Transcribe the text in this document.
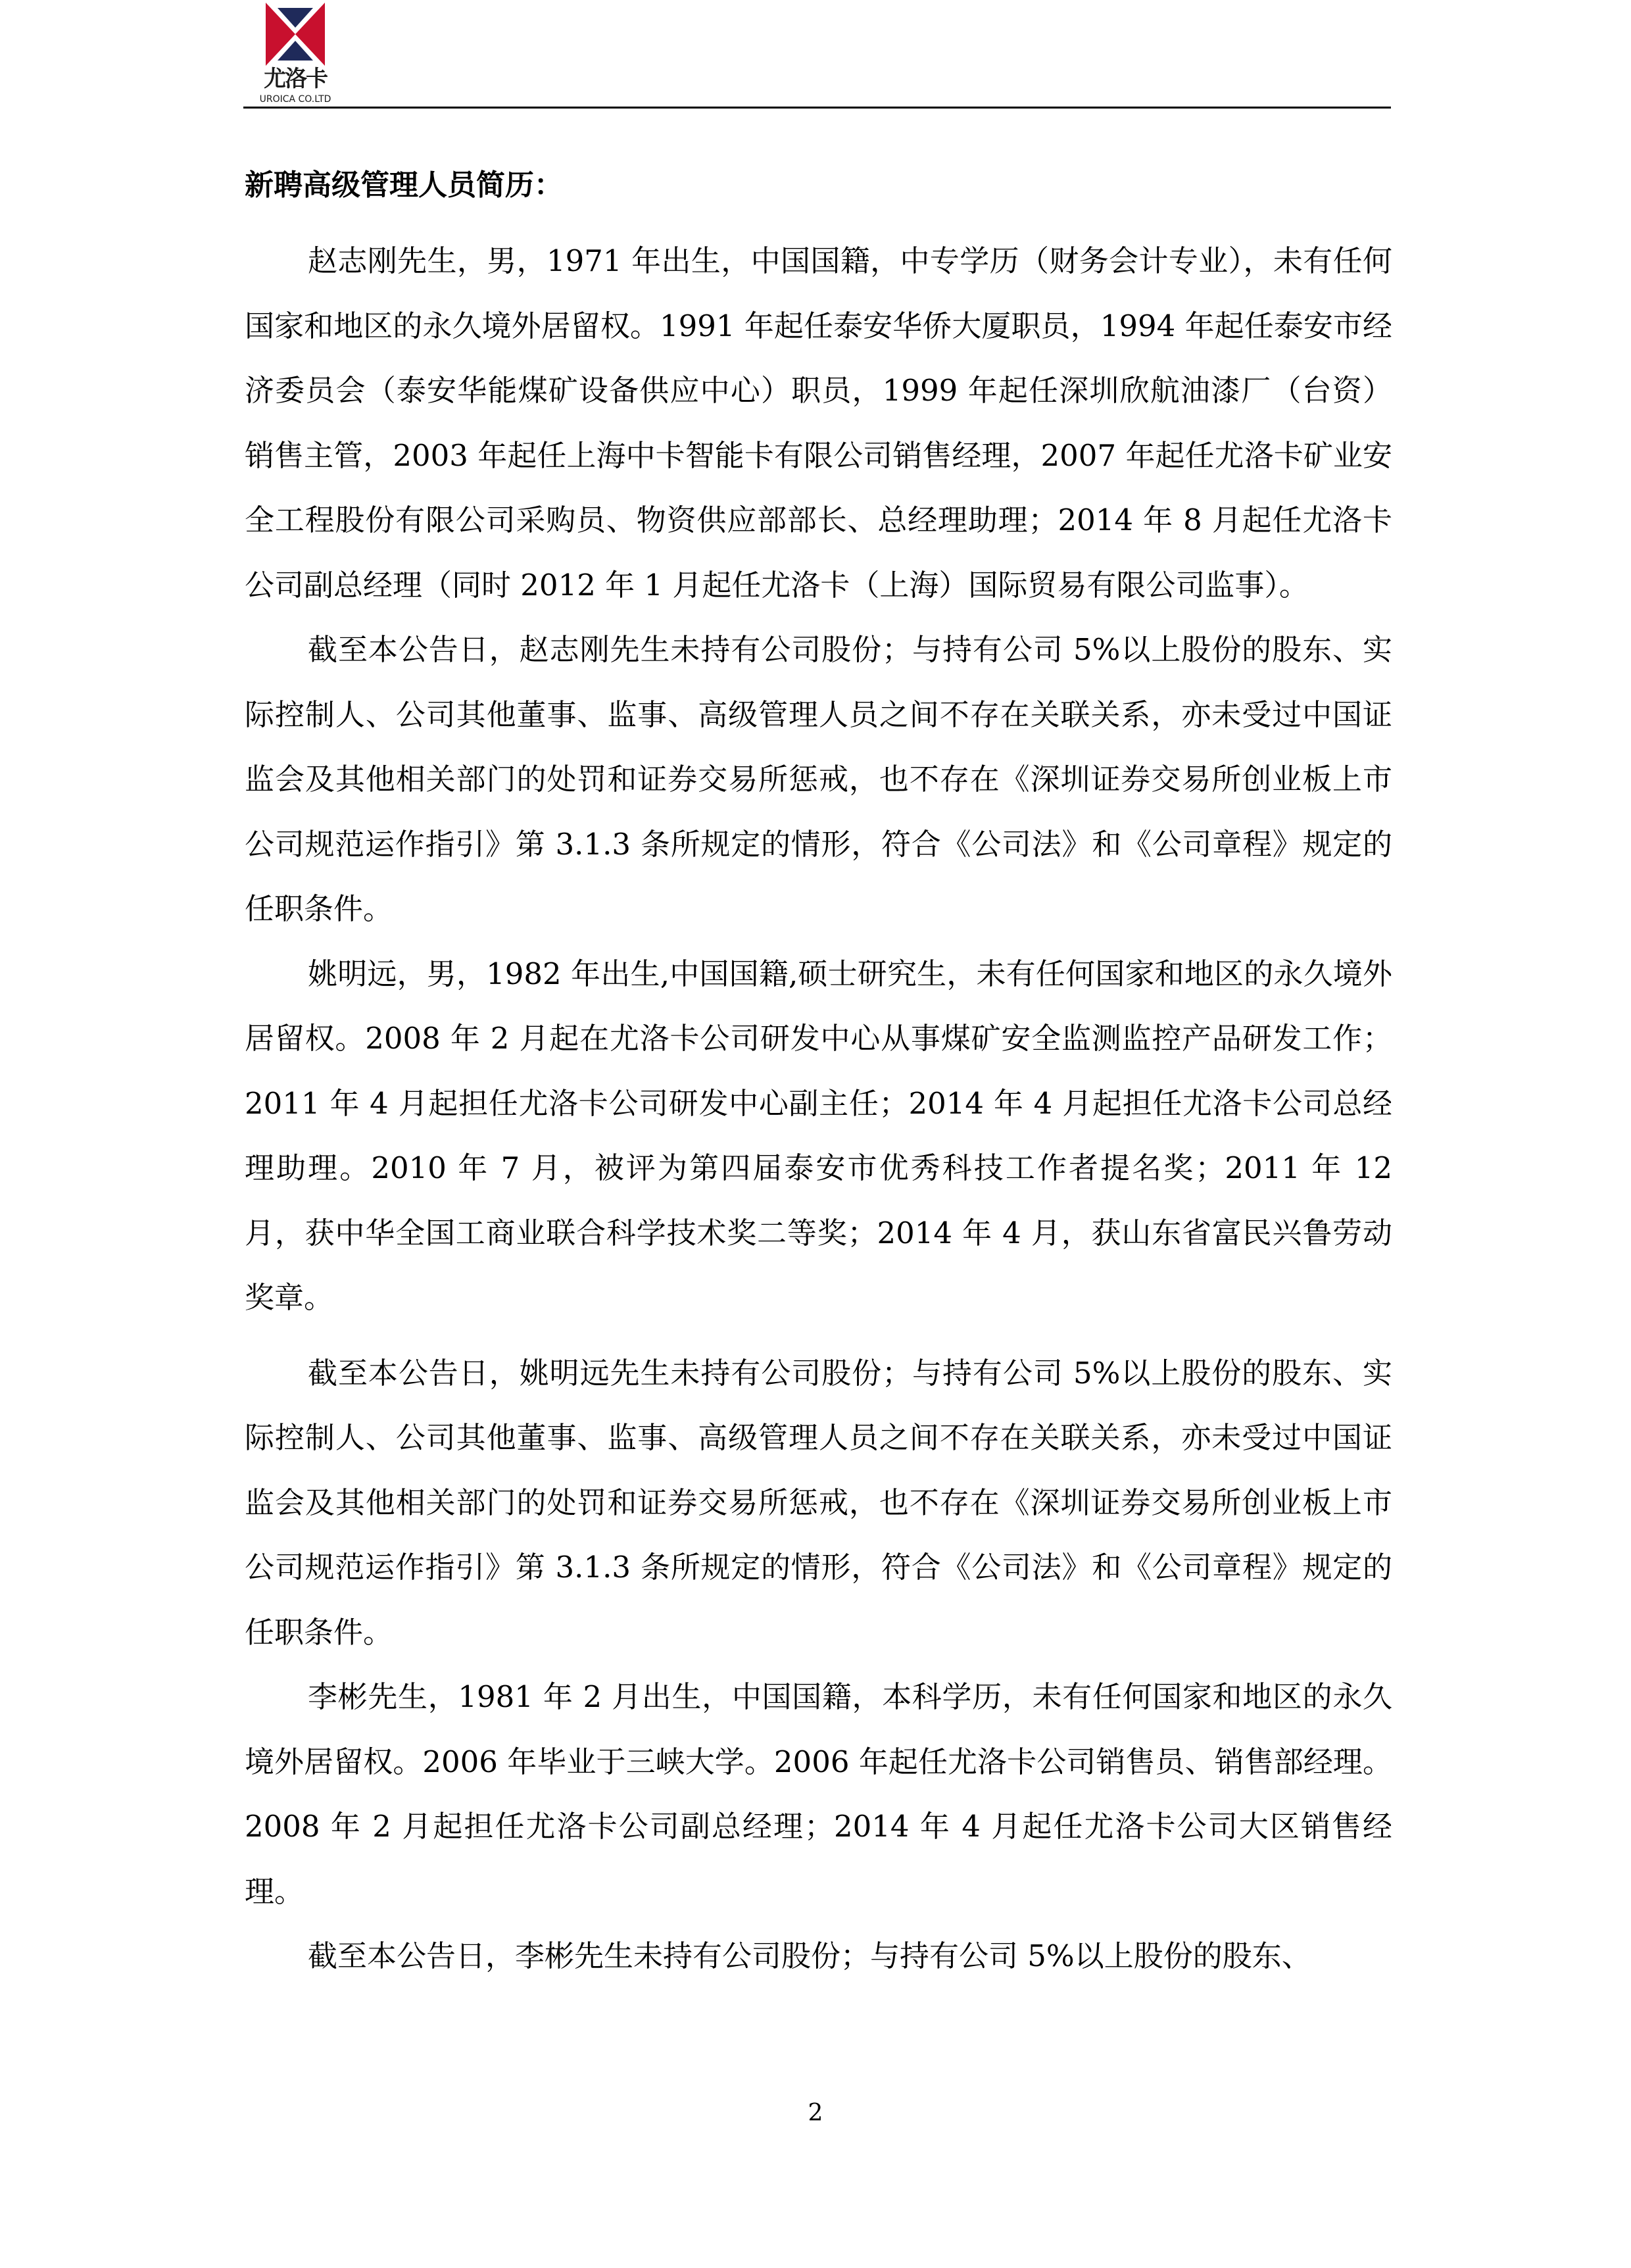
尤洛卡
UROICA CO.LTD
新聘高级管理人员简历：

赵志刚先生，男，1971 年出生，中国国籍，中专学历（财务会计专业），未有任何国家和地区的永久境外居留权。1991 年起任泰安华侨大厦职员，1994 年起任泰安市经济委员会（泰安华能煤矿设备供应中心）职员，1999 年起任深圳欣航油漆厂（台资）销售主管，2003 年起任上海中卡智能卡有限公司销售经理，2007 年起任尤洛卡矿业安全工程股份有限公司采购员、物资供应部部长、总经理助理；2014 年 8 月起任尤洛卡公司副总经理（同时 2012 年 1 月起任尤洛卡（上海）国际贸易有限公司监事）。

截至本公告日，赵志刚先生未持有公司股份；与持有公司 5%以上股份的股东、实际控制人、公司其他董事、监事、高级管理人员之间不存在关联关系，亦未受过中国证监会及其他相关部门的处罚和证券交易所惩戒，也不存在《深圳证券交易所创业板上市公司规范运作指引》第 3.1.3 条所规定的情形，符合《公司法》和《公司章程》规定的任职条件。

姚明远，男，1982 年出生,中国国籍,硕士研究生，未有任何国家和地区的永久境外居留权。2008 年 2 月起在尤洛卡公司研发中心从事煤矿安全监测监控产品研发工作；2011 年 4 月起担任尤洛卡公司研发中心副主任；2014 年 4 月起担任尤洛卡公司总经理助理。2010 年 7 月，被评为第四届泰安市优秀科技工作者提名奖；2011 年 12 月，获中华全国工商业联合科学技术奖二等奖；2014 年 4 月，获山东省富民兴鲁劳动奖章。

截至本公告日，姚明远先生未持有公司股份；与持有公司 5%以上股份的股东、实际控制人、公司其他董事、监事、高级管理人员之间不存在关联关系，亦未受过中国证监会及其他相关部门的处罚和证券交易所惩戒，也不存在《深圳证券交易所创业板上市公司规范运作指引》第 3.1.3 条所规定的情形，符合《公司法》和《公司章程》规定的任职条件。

李彬先生，1981 年 2 月出生，中国国籍，本科学历，未有任何国家和地区的永久境外居留权。2006 年毕业于三峡大学。2006 年起任尤洛卡公司销售员、销售部经理。2008 年 2 月起担任尤洛卡公司副总经理；2014 年 4 月起任尤洛卡公司大区销售经理。

截至本公告日，李彬先生未持有公司股份；与持有公司 5%以上股份的股东、

2
